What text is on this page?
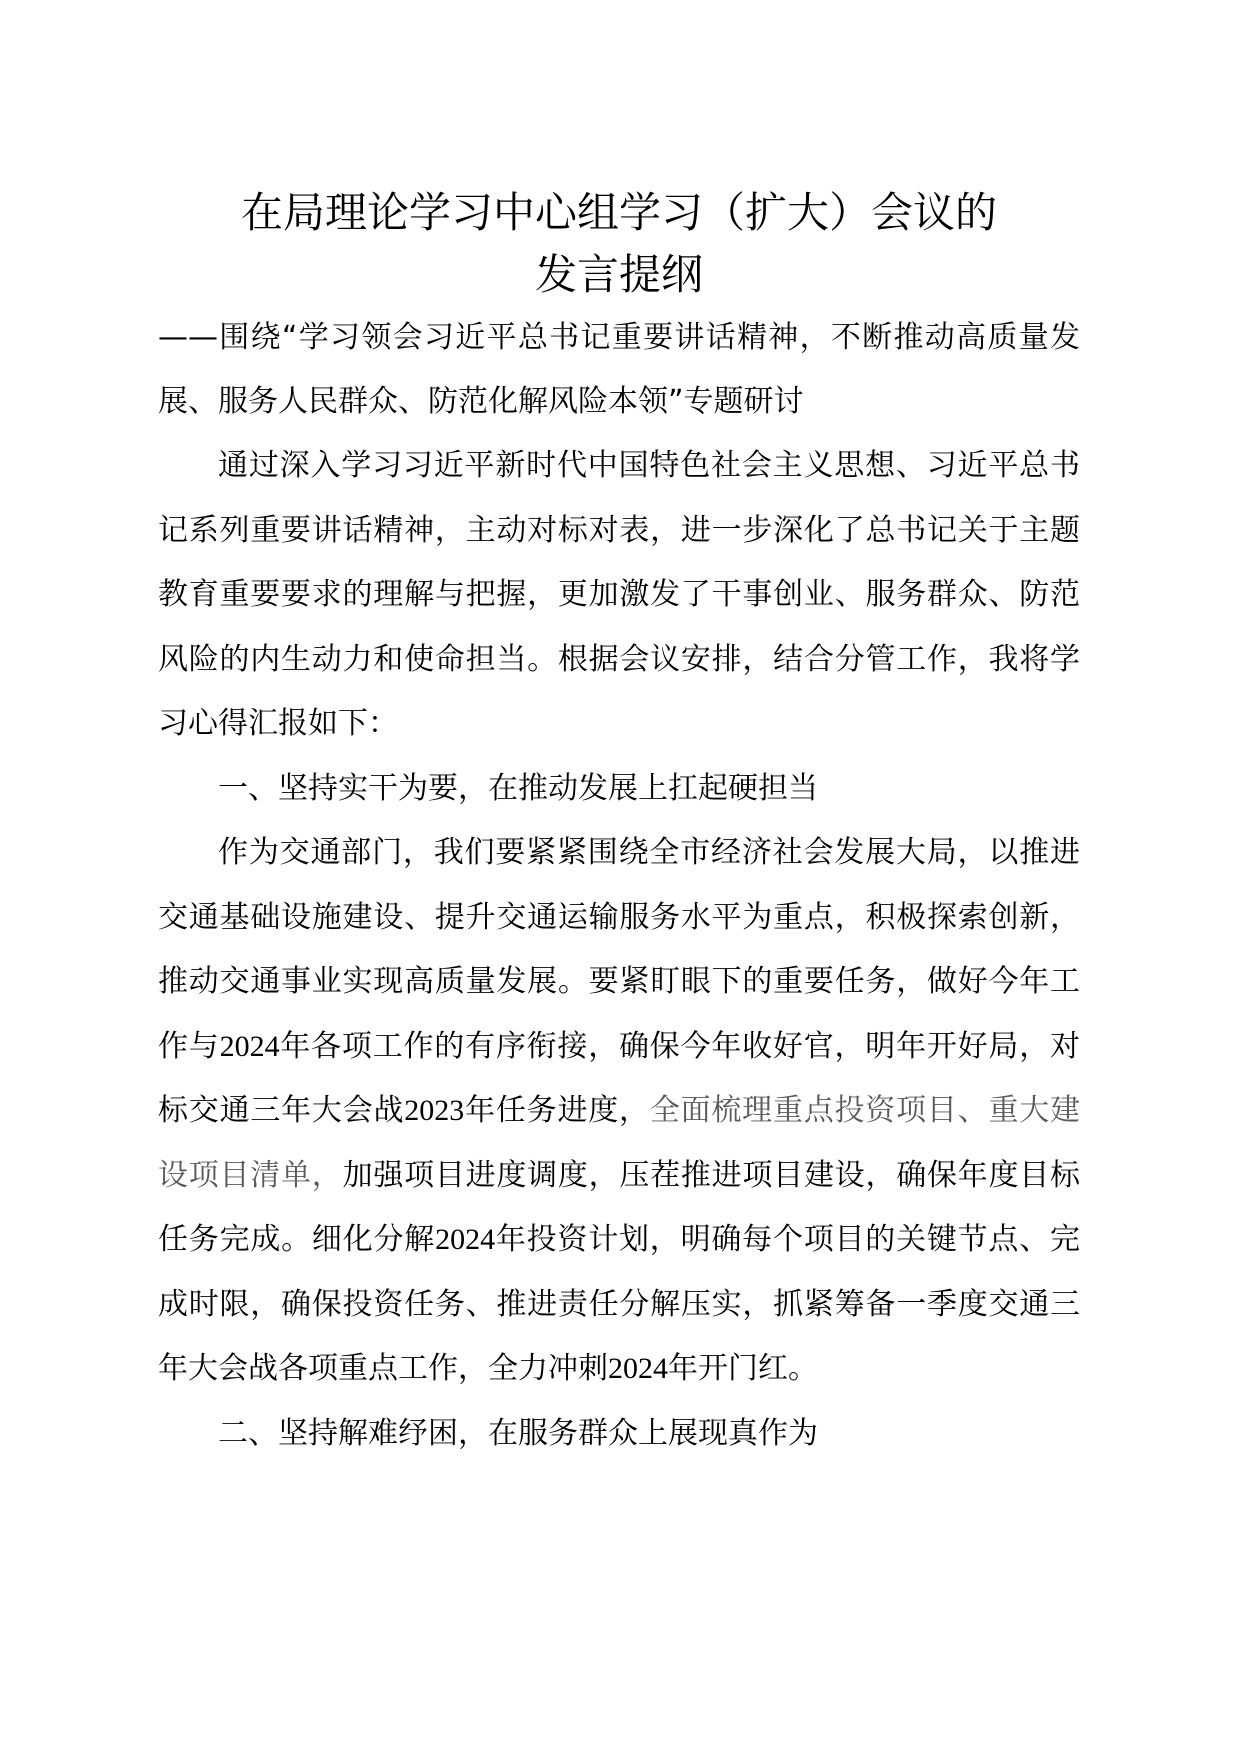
在局理论学习中心组学习（扩大）会议的
发言提纲

——围绕“学习领会习近平总书记重要讲话精神，不断推动高质量发展、服务人民群众、防范化解风险本领”专题研讨

通过深入学习习近平新时代中国特色社会主义思想、习近平总书记系列重要讲话精神，主动对标对表，进一步深化了总书记关于主题教育重要要求的理解与把握，更加激发了干事创业、服务群众、防范风险的内生动力和使命担当。根据会议安排，结合分管工作，我将学习心得汇报如下：

一、坚持实干为要，在推动发展上扛起硬担当

作为交通部门，我们要紧紧围绕全市经济社会发展大局，以推进交通基础设施建设、提升交通运输服务水平为重点，积极探索创新，推动交通事业实现高质量发展。要紧盯眼下的重要任务，做好今年工作与2024年各项工作的有序衔接，确保今年收好官，明年开好局，对标交通三年大会战2023年任务进度，全面梳理重点投资项目、重大建设项目清单，加强项目进度调度，压茬推进项目建设，确保年度目标任务完成。细化分解2024年投资计划，明确每个项目的关键节点、完成时限，确保投资任务、推进责任分解压实，抓紧筹备一季度交通三年大会战各项重点工作，全力冲刺2024年开门红。

二、坚持解难纾困，在服务群众上展现真作为
